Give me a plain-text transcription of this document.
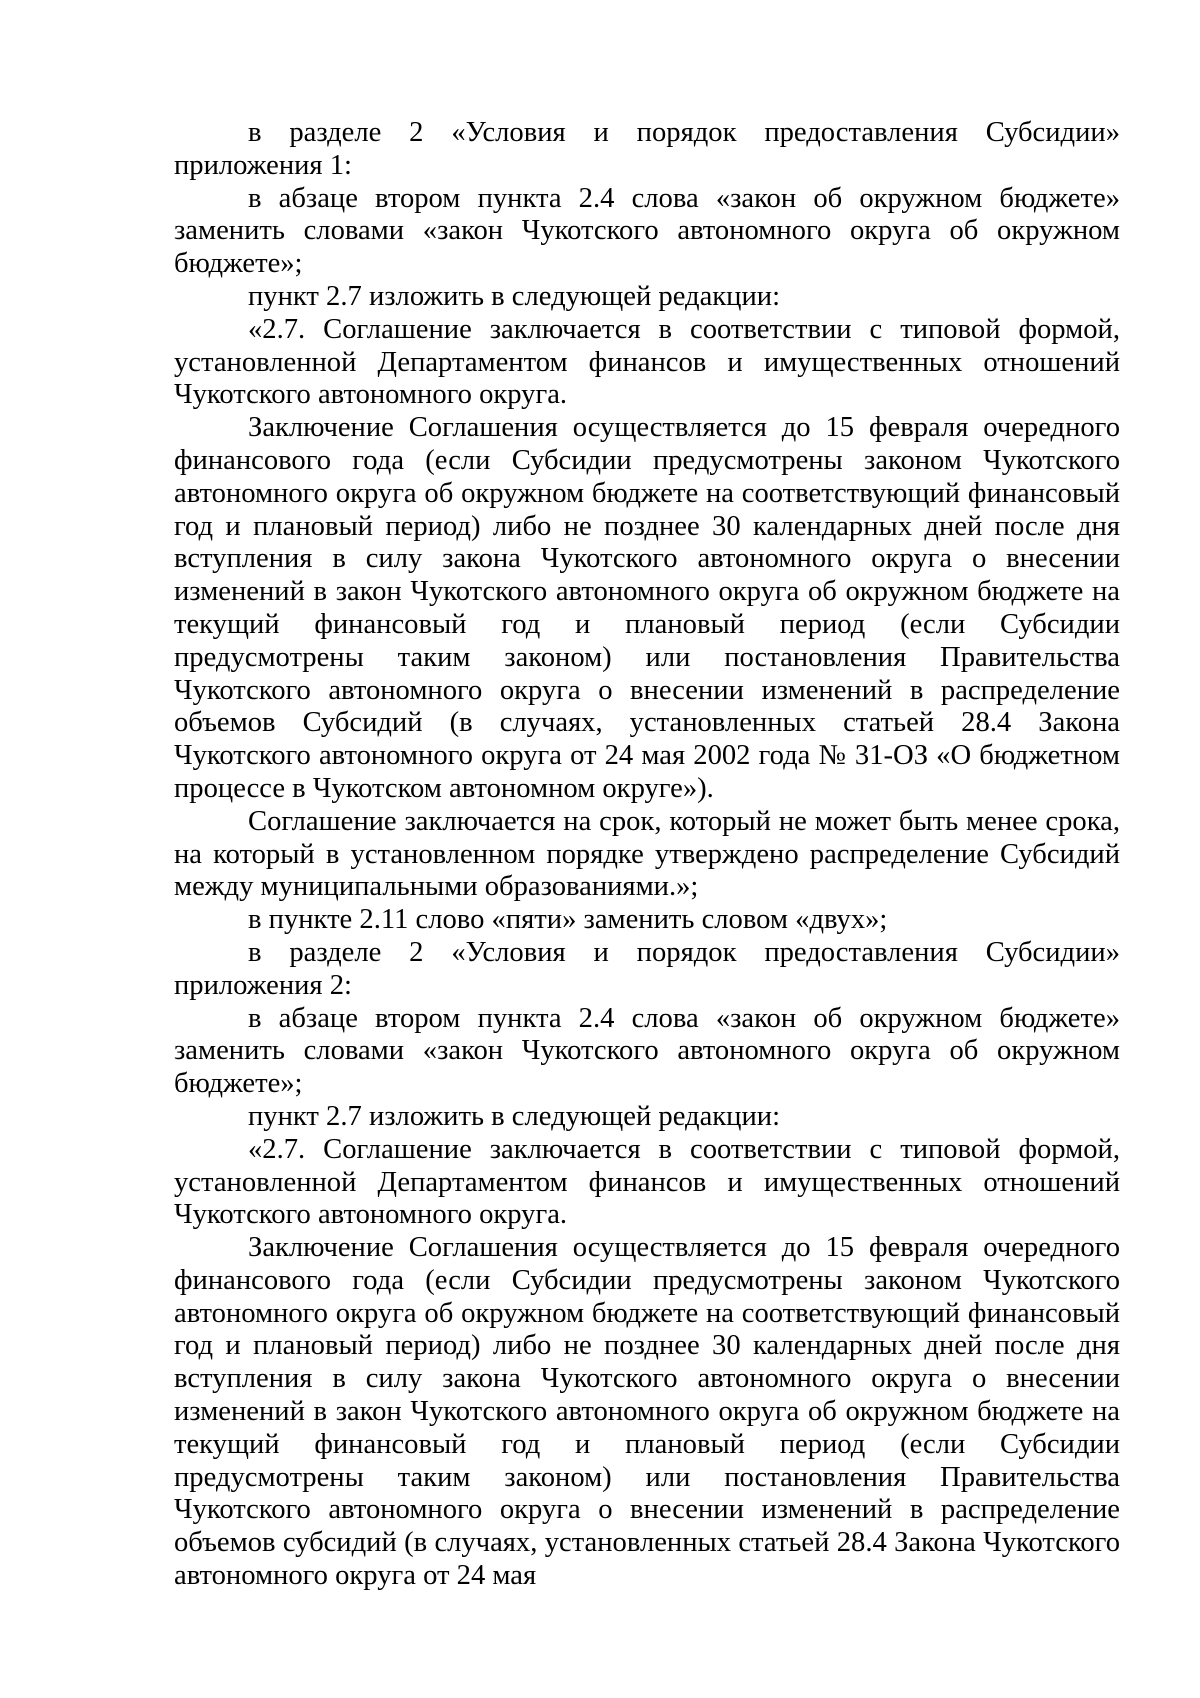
в разделе 2 «Условия и порядок предоставления Субсидии» приложения 1:

в абзаце втором пункта 2.4 слова «закон об окружном бюджете» заменить словами «закон Чукотского автономного округа об окружном бюджете»;

пункт 2.7 изложить в следующей редакции:

«2.7. Соглашение заключается в соответствии с типовой формой, установленной Департаментом финансов и имущественных отношений Чукотского автономного округа.

Заключение Соглашения осуществляется до 15 февраля очередного финансового года (если Субсидии предусмотрены законом Чукотского автономного округа об окружном бюджете на соответствующий финансовый год и плановый период) либо не позднее 30 календарных дней после дня вступления в силу закона Чукотского автономного округа о внесении изменений в закон Чукотского автономного округа об окружном бюджете на текущий финансовый год и плановый период (если Субсидии предусмотрены таким законом) или постановления Правительства Чукотского автономного округа о внесении изменений в распределение объемов Субсидий (в случаях, установленных статьей 28.4 Закона Чукотского автономного округа от 24 мая 2002 года № 31-ОЗ «О бюджетном процессе в Чукотском автономном округе»).

Соглашение заключается на срок, который не может быть менее срока, на который в установленном порядке утверждено распределение Субсидий между муниципальными образованиями.»;

в пункте 2.11 слово «пяти» заменить словом «двух»;

в разделе 2 «Условия и порядок предоставления Субсидии» приложения 2:

в абзаце втором пункта 2.4 слова «закон об окружном бюджете» заменить словами «закон Чукотского автономного округа об окружном бюджете»;

пункт 2.7 изложить в следующей редакции:

«2.7. Соглашение заключается в соответствии с типовой формой, установленной Департаментом финансов и имущественных отношений Чукотского автономного округа.

Заключение Соглашения осуществляется до 15 февраля очередного финансового года (если Субсидии предусмотрены законом Чукотского автономного округа об окружном бюджете на соответствующий финансовый год и плановый период) либо не позднее 30 календарных дней после дня вступления в силу закона Чукотского автономного округа о внесении изменений в закон Чукотского автономного округа об окружном бюджете на текущий финансовый год и плановый период (если Субсидии предусмотрены таким законом) или постановления Правительства Чукотского автономного округа о внесении изменений в распределение объемов субсидий (в случаях, установленных статьей 28.4 Закона Чукотского автономного округа от 24 мая
